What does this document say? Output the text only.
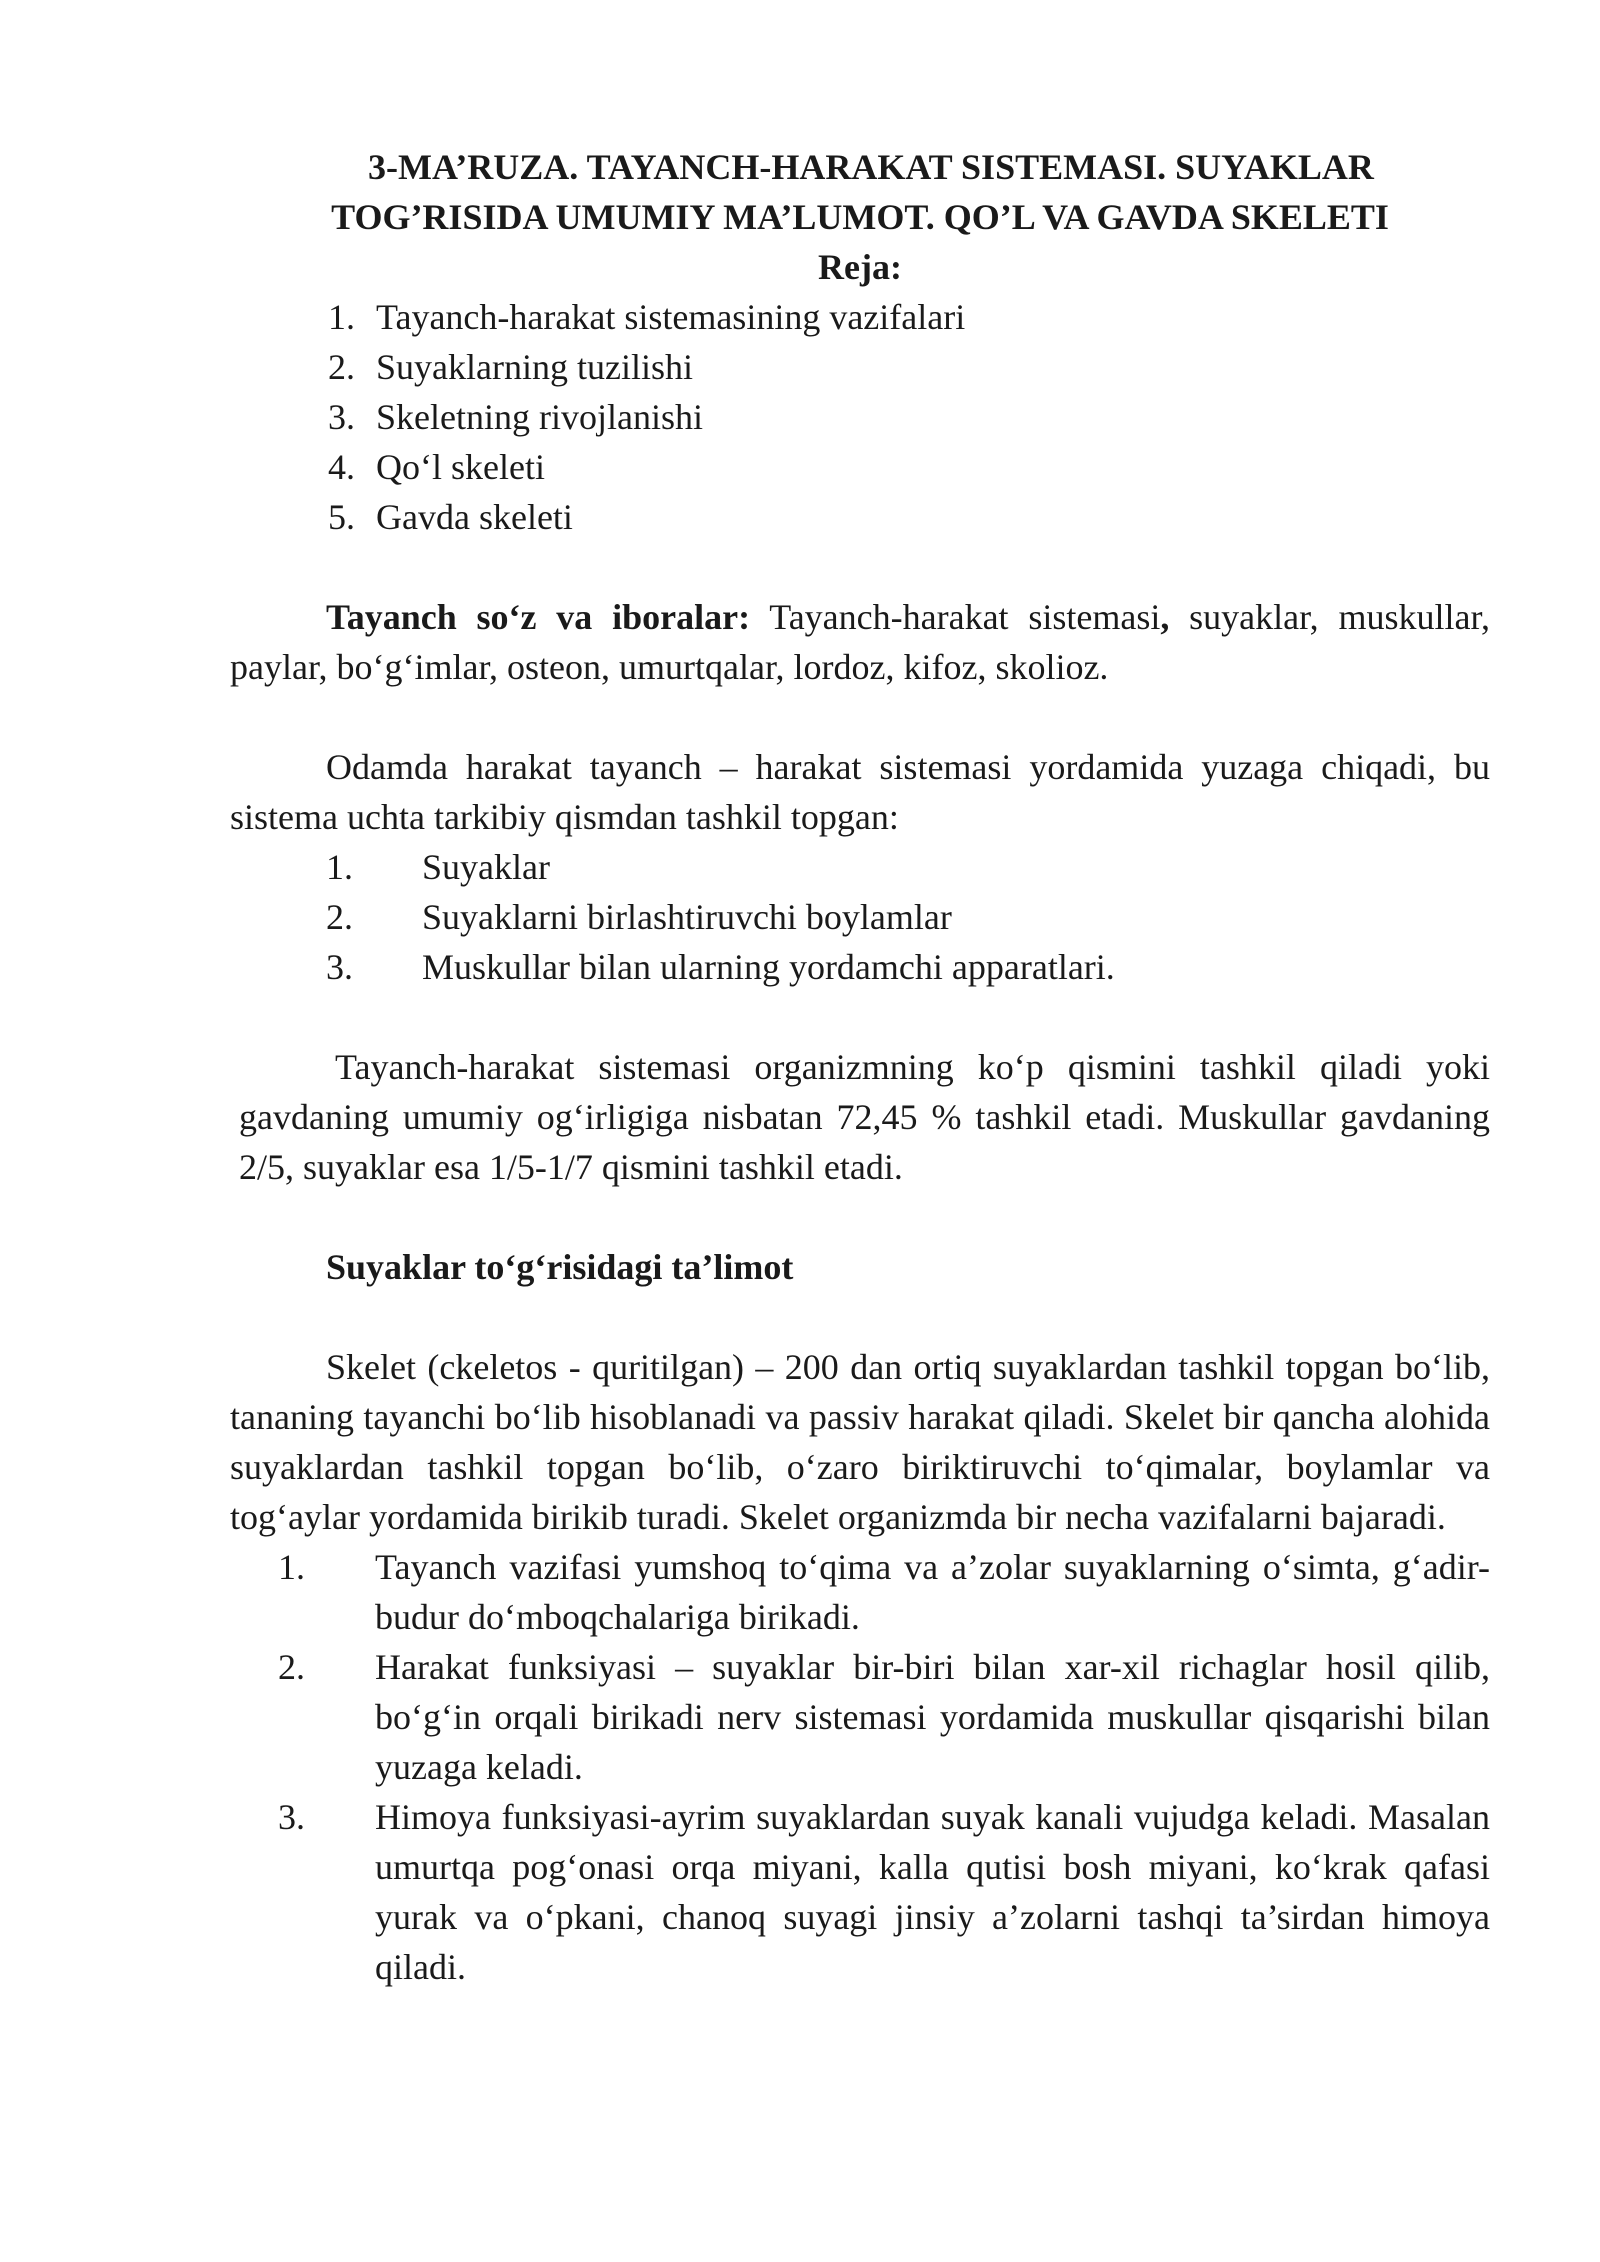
3-MA’RUZA. TAYANCH-HARAKAT SISTEMASI. SUYAKLAR
TOG’RISIDA UMUMIY MA’LUMOT. QO’L VA GAVDA SKELETI
Reja:
1. Tayanch-harakat sistemasining vazifalari
2. Suyaklarning tuzilishi
3. Skeletning rivojlanishi
4. Qo‘l skeleti
5. Gavda skeleti

Tayanch so‘z va iboralar: Tayanch-harakat sistemasi, suyaklar, muskullar, paylar, bo‘g‘imlar, osteon, umurtqalar, lordoz, kifoz, skolioz.

Odamda harakat tayanch – harakat sistemasi yordamida yuzaga chiqadi, bu sistema uchta tarkibiy qismdan tashkil topgan:

1. Suyaklar
2. Suyaklarni birlashtiruvchi boylamlar
3. Muskullar bilan ularning yordamchi apparatlari.

Tayanch-harakat sistemasi organizmning ko‘p qismini tashkil qiladi yoki gavdaning umumiy og‘irligiga nisbatan 72,45 % tashkil etadi. Muskullar gavdaning 2/5, suyaklar esa 1/5-1/7 qismini tashkil etadi.

Suyaklar to‘g‘risidagi ta’limot

Skelet (ckeletos - quritilgan) – 200 dan ortiq suyaklardan tashkil topgan bo‘lib, tananing tayanchi bo‘lib hisoblanadi va passiv harakat qiladi. Skelet bir qancha alohida suyaklardan tashkil topgan bo‘lib, o‘zaro biriktiruvchi to‘qimalar, boylamlar va tog‘aylar yordamida birikib turadi. Skelet organizmda bir necha vazifalarni bajaradi.

1. Tayanch vazifasi yumshoq to‘qima va a’zolar suyaklarning o‘simta, g‘adir-budur do‘mboqchalariga birikadi.
2. Harakat funksiyasi – suyaklar bir-biri bilan xar-xil richaglar hosil qilib, bo‘g‘in orqali birikadi nerv sistemasi yordamida muskullar qisqarishi bilan yuzaga keladi.
3. Himoya funksiyasi-ayrim suyaklardan suyak kanali vujudga keladi. Masalan umurtqa pog‘onasi orqa miyani, kalla qutisi bosh miyani, ko‘krak qafasi yurak va o‘pkani, chanoq suyagi jinsiy a’zolarni tashqi ta’sirdan himoya qiladi.
